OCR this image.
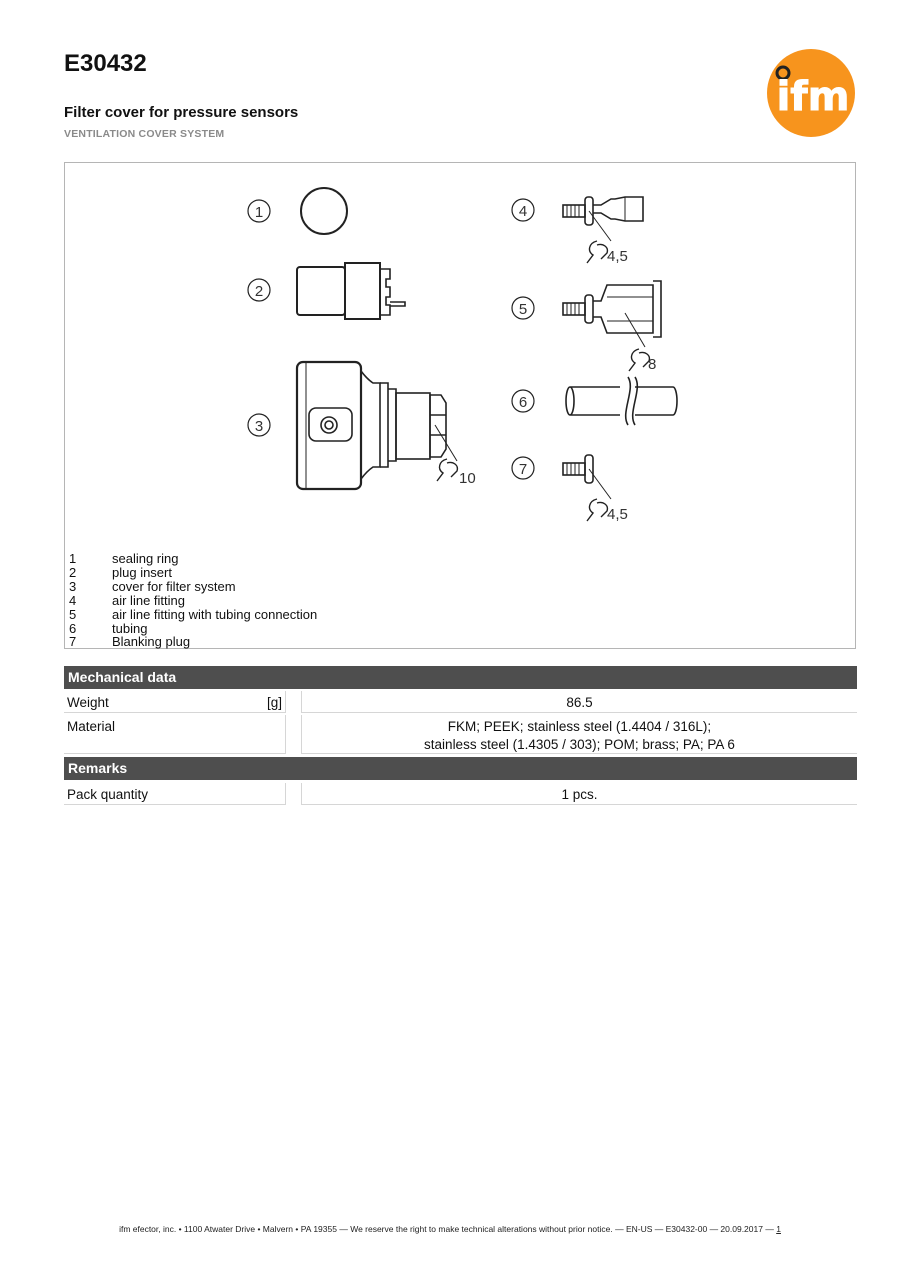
E30432
Filter cover for pressure sensors
VENTILATION COVER SYSTEM
ifm
1
2
3
4
5
6
7
10
4,5
8
4,5
1	sealing ring
2	plug insert
3	cover for filter system
4	air line fitting
5	air line fitting with tubing connection
6	tubing
7	Blanking plug
Mechanical data
Weight	[g]	86.5
Material	FKM; PEEK; stainless steel (1.4404 / 316L);
stainless steel (1.4305 / 303); POM; brass; PA; PA 6
Remarks
Pack quantity	1 pcs.
ifm efector, inc. • 1100 Atwater Drive • Malvern • PA 19355 — We reserve the right to make technical alterations without prior notice. — EN-US — E30432-00 — 20.09.2017 — 1
